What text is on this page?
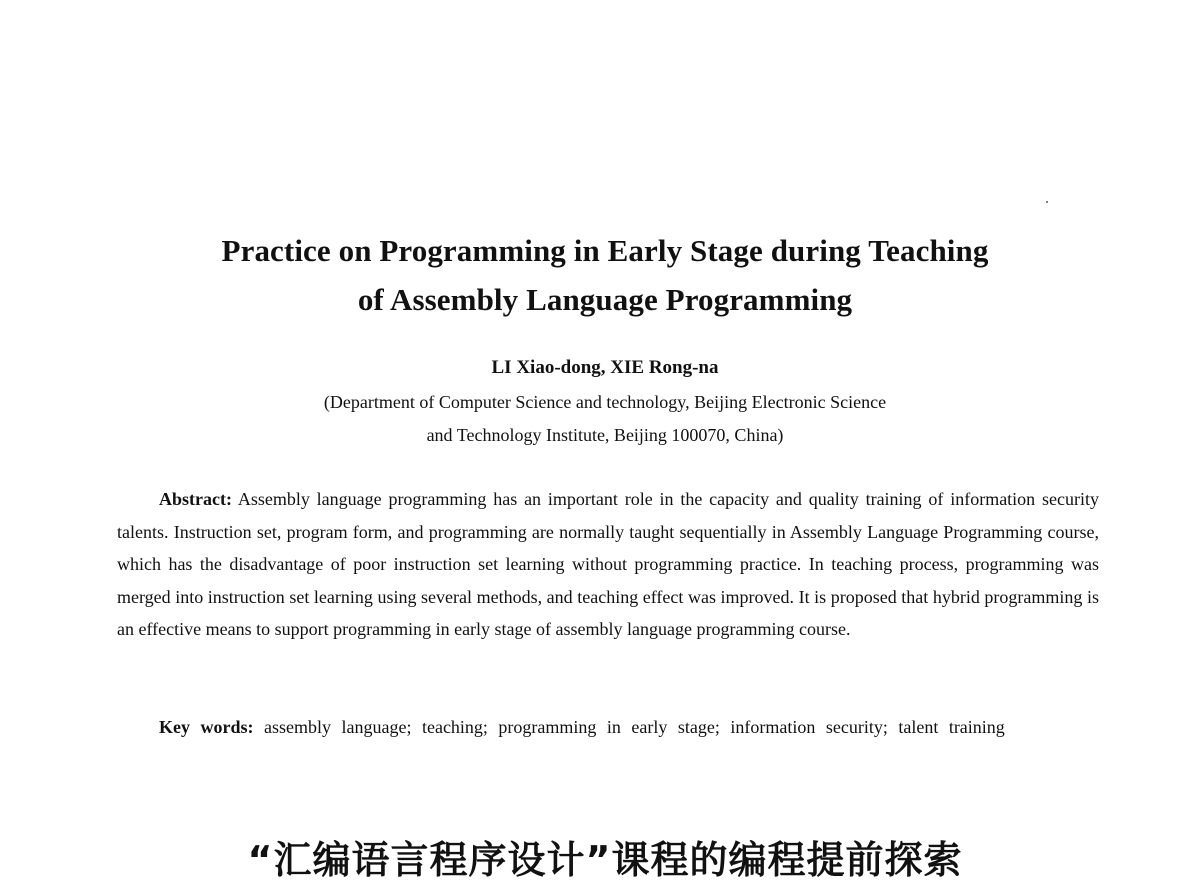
Practice on Programming in Early Stage during Teaching
of Assembly Language Programming
LI Xiao-dong, XIE Rong-na
(Department of Computer Science and technology, Beijing Electronic Science
and Technology Institute, Beijing 100070, China)

Abstract: Assembly language programming has an important role in the capacity and quality training of information security talents. Instruction set, program form, and programming are normally taught sequentially in Assembly Language Programming course, which has the disadvantage of poor instruction set learning without programming practice. In teaching process, programming was merged into instruction set learning using several methods, and teaching effect was improved. It is proposed that hybrid programming is an effective means to support programming in early stage of assembly language programming course.

Key words: assembly language; teaching; programming in early stage; information security; talent training

“汇编语言程序设计”课程的编程提前探索
